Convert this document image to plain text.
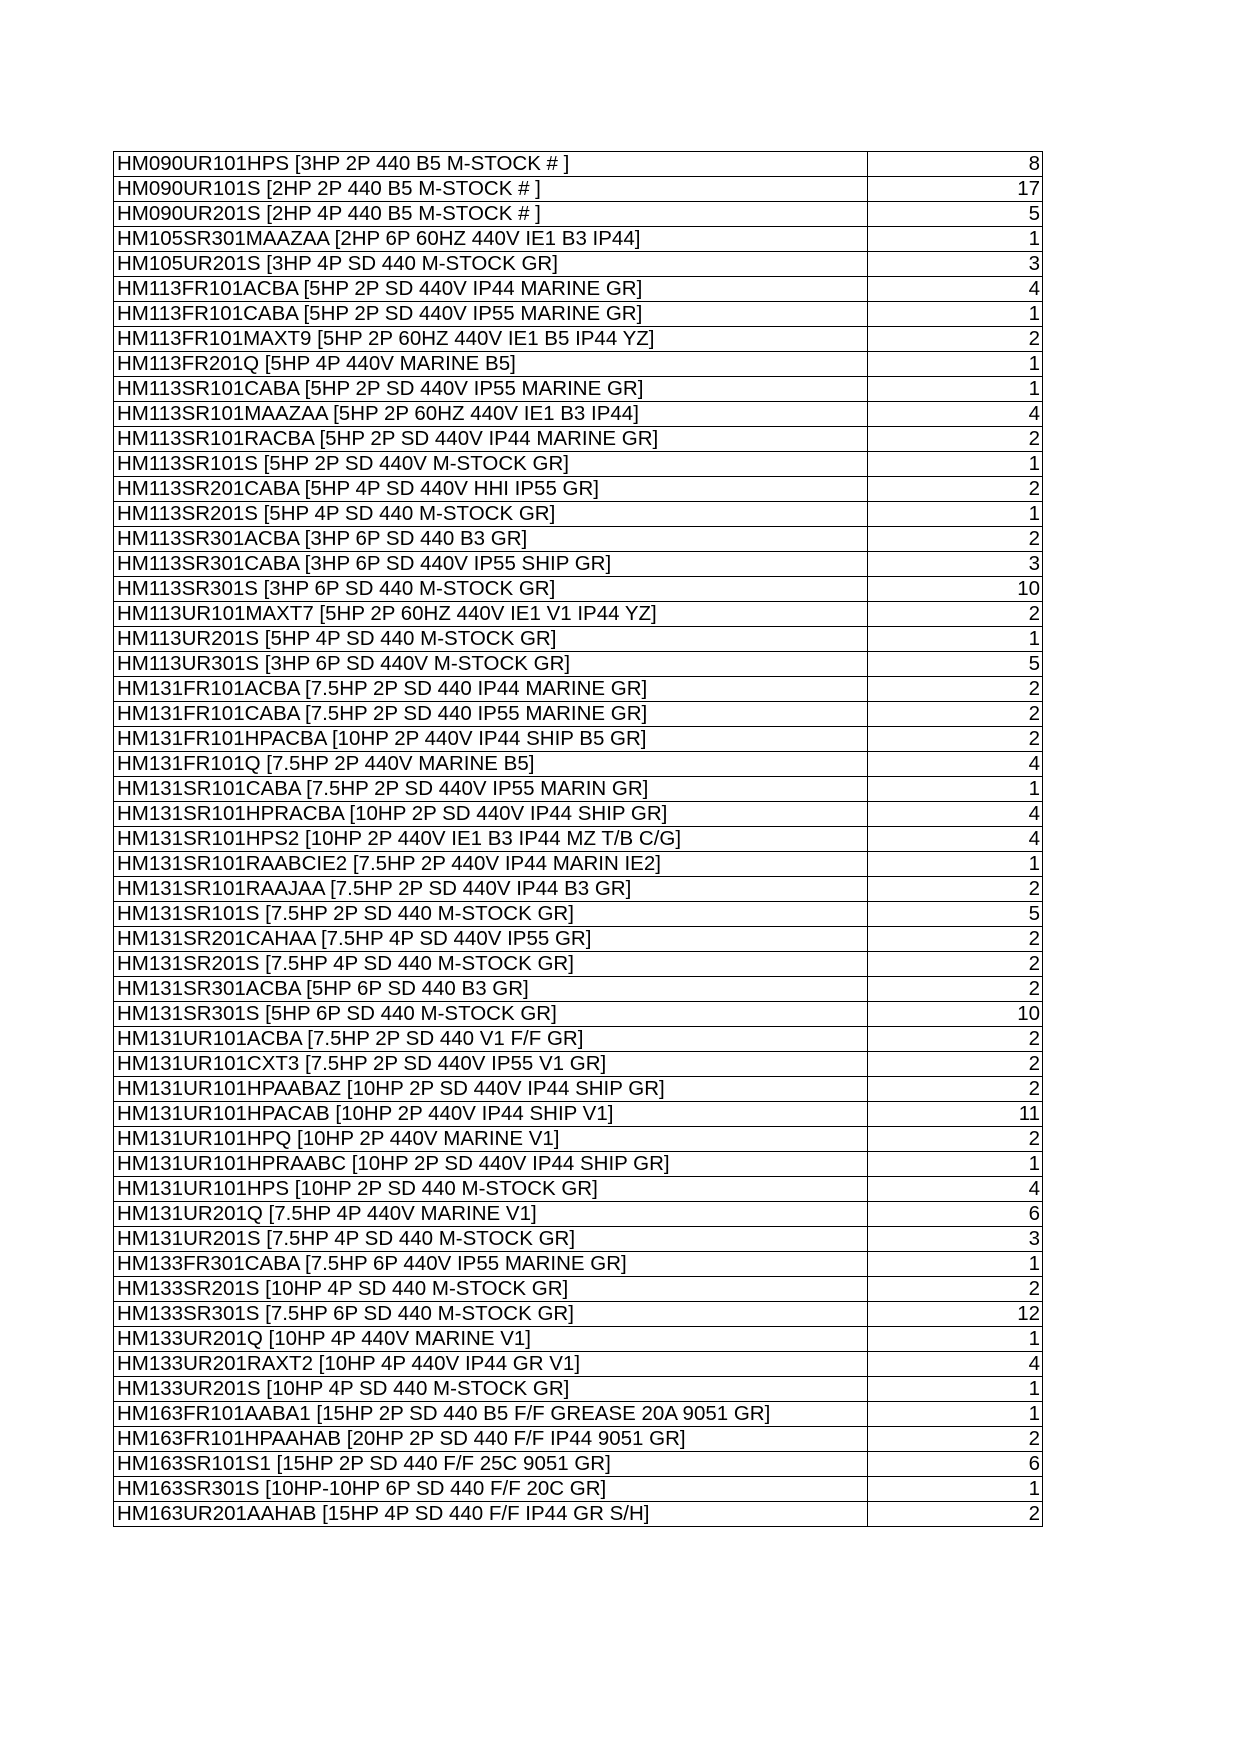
HM090UR101HPS [3HP 2P 440 B5 M-STOCK # ]	8
HM090UR101S [2HP 2P 440 B5 M-STOCK # ]	17
HM090UR201S [2HP 4P 440 B5 M-STOCK # ]	5
HM105SR301MAAZAA [2HP 6P 60HZ 440V IE1 B3 IP44]	1
HM105UR201S [3HP 4P SD 440 M-STOCK GR]	3
HM113FR101ACBA [5HP 2P SD 440V IP44 MARINE GR]	4
HM113FR101CABA [5HP 2P SD 440V IP55 MARINE GR]	1
HM113FR101MAXT9 [5HP 2P 60HZ 440V IE1 B5 IP44 YZ]	2
HM113FR201Q [5HP 4P 440V MARINE B5]	1
HM113SR101CABA [5HP 2P SD 440V IP55 MARINE GR]	1
HM113SR101MAAZAA [5HP 2P 60HZ 440V IE1 B3 IP44]	4
HM113SR101RACBA [5HP 2P SD 440V IP44 MARINE GR]	2
HM113SR101S [5HP 2P SD 440V M-STOCK GR]	1
HM113SR201CABA [5HP 4P SD 440V HHI IP55 GR]	2
HM113SR201S [5HP 4P SD 440 M-STOCK GR]	1
HM113SR301ACBA [3HP 6P SD 440 B3 GR]	2
HM113SR301CABA [3HP 6P SD 440V IP55 SHIP GR]	3
HM113SR301S [3HP 6P SD 440 M-STOCK GR]	10
HM113UR101MAXT7 [5HP 2P 60HZ 440V IE1 V1 IP44 YZ]	2
HM113UR201S [5HP 4P SD 440 M-STOCK GR]	1
HM113UR301S [3HP 6P SD 440V M-STOCK GR]	5
HM131FR101ACBA [7.5HP 2P SD 440 IP44 MARINE GR]	2
HM131FR101CABA [7.5HP 2P SD 440 IP55 MARINE GR]	2
HM131FR101HPACBA [10HP 2P 440V IP44 SHIP B5 GR]	2
HM131FR101Q [7.5HP 2P 440V MARINE B5]	4
HM131SR101CABA [7.5HP 2P SD 440V IP55 MARIN GR]	1
HM131SR101HPRACBA [10HP 2P SD 440V IP44 SHIP GR]	4
HM131SR101HPS2 [10HP 2P 440V IE1 B3 IP44 MZ T/B C/G]	4
HM131SR101RAABCIE2 [7.5HP 2P 440V IP44 MARIN IE2]	1
HM131SR101RAAJAA [7.5HP 2P SD 440V IP44 B3 GR]	2
HM131SR101S [7.5HP 2P SD 440 M-STOCK GR]	5
HM131SR201CAHAA [7.5HP 4P SD 440V IP55 GR]	2
HM131SR201S [7.5HP 4P SD 440 M-STOCK GR]	2
HM131SR301ACBA [5HP 6P SD 440 B3 GR]	2
HM131SR301S [5HP 6P SD 440 M-STOCK GR]	10
HM131UR101ACBA [7.5HP 2P SD 440 V1 F/F GR]	2
HM131UR101CXT3 [7.5HP 2P SD 440V IP55 V1 GR]	2
HM131UR101HPAABAZ [10HP 2P SD 440V IP44 SHIP GR]	2
HM131UR101HPACAB [10HP 2P 440V IP44 SHIP V1]	11
HM131UR101HPQ [10HP 2P 440V MARINE V1]	2
HM131UR101HPRAABC [10HP 2P SD 440V IP44 SHIP GR]	1
HM131UR101HPS [10HP 2P SD 440 M-STOCK GR]	4
HM131UR201Q [7.5HP 4P 440V MARINE V1]	6
HM131UR201S [7.5HP 4P SD 440 M-STOCK GR]	3
HM133FR301CABA [7.5HP 6P 440V IP55 MARINE GR]	1
HM133SR201S [10HP 4P SD 440 M-STOCK GR]	2
HM133SR301S [7.5HP 6P SD 440 M-STOCK GR]	12
HM133UR201Q [10HP 4P 440V MARINE V1]	1
HM133UR201RAXT2 [10HP 4P 440V IP44 GR V1]	4
HM133UR201S [10HP 4P SD 440 M-STOCK GR]	1
HM163FR101AABA1 [15HP 2P SD 440 B5 F/F GREASE 20A 9051 GR]	1
HM163FR101HPAAHAB [20HP 2P SD 440 F/F IP44 9051 GR]	2
HM163SR101S1 [15HP 2P SD 440 F/F 25C 9051 GR]	6
HM163SR301S [10HP-10HP 6P SD 440 F/F 20C GR]	1
HM163UR201AAHAB [15HP 4P SD 440 F/F IP44 GR S/H]	2
